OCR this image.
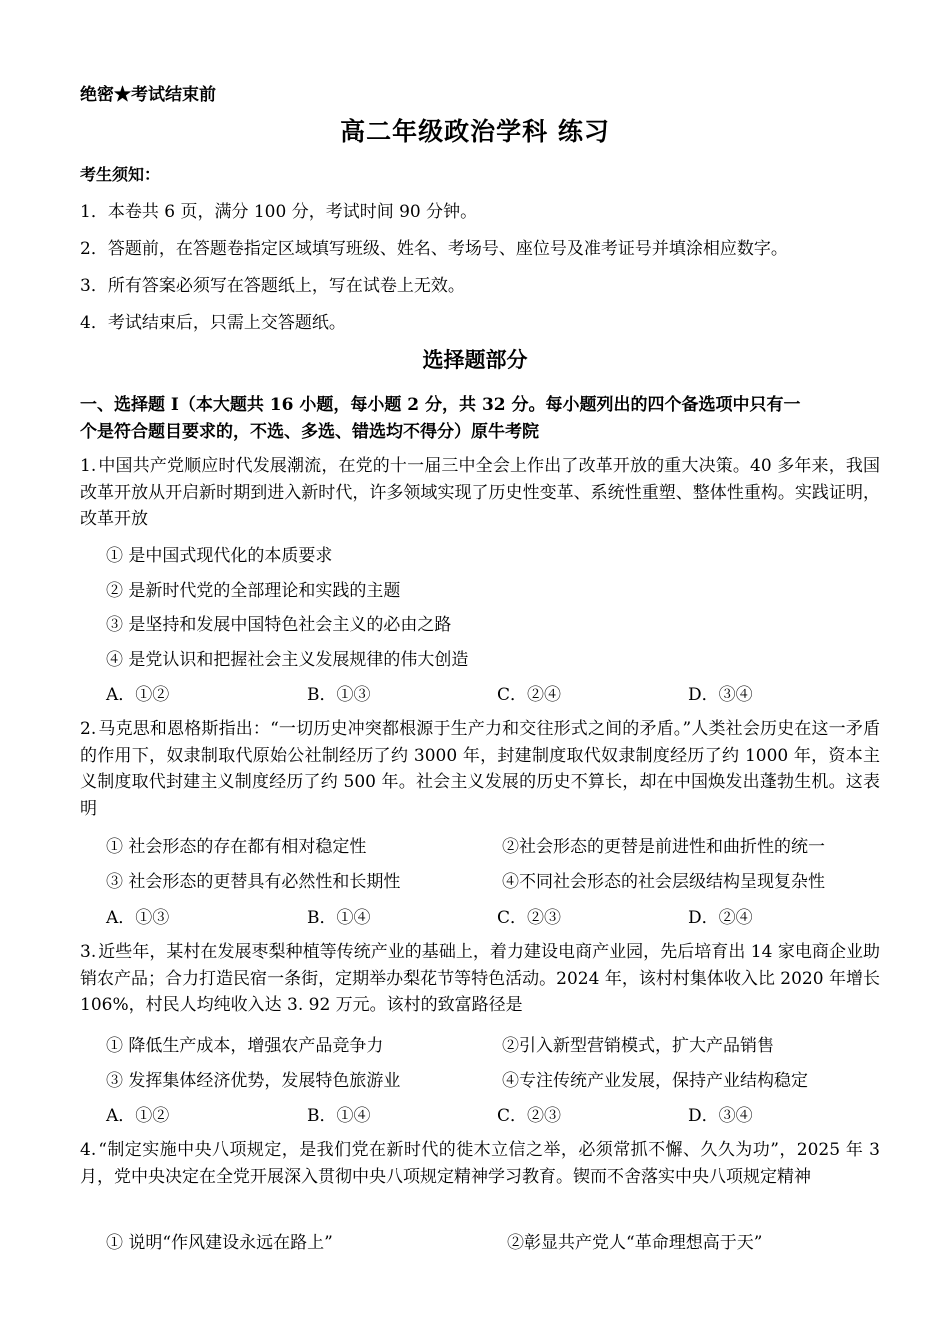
绝密★考试结束前
高二年级政治学科 练习
考生须知：
1．本卷共 6 页，满分 100 分，考试时间 90 分钟。
2．答题前，在答题卷指定区域填写班级、姓名、考场号、座位号及准考证号并填涂相应数字。
3．所有答案必须写在答题纸上，写在试卷上无效。
4．考试结束后，只需上交答题纸。
选择题部分
一、选择题 I（本大题共 16 小题，每小题 2 分，共 32 分。每小题列出的四个备选项中只有一
个是符合题目要求的，不选、多选、错选均不得分）原牛考院
1. 中国共产党顺应时代发展潮流，在党的十一届三中全会上作出了改革开放的重大决策。40 多年来，我国改革开放从开启新时期到进入新时代，许多领域实现了历史性变革、系统性重塑、整体性重构。实践证明，改革开放
① 是中国式现代化的本质要求
② 是新时代党的全部理论和实践的主题
③ 是坚持和发展中国特色社会主义的必由之路
④ 是党认识和把握社会主义发展规律的伟大创造
A．①②	B．①③	C．②④	D．③④
2. 马克思和恩格斯指出：“一切历史冲突都根源于生产力和交往形式之间的矛盾。”人类社会历史在这一矛盾的作用下，奴隶制取代原始公社制经历了约 3000 年，封建制度取代奴隶制度经历了约 1000 年，资本主义制度取代封建主义制度经历了约 500 年。社会主义发展的历史不算长，却在中国焕发出蓬勃生机。这表明
① 社会形态的存在都有相对稳定性	②社会形态的更替是前进性和曲折性的统一
③ 社会形态的更替具有必然性和长期性	④不同社会形态的社会层级结构呈现复杂性
A．①③	B．①④	C．②③	D．②④
3. 近些年，某村在发展枣梨种植等传统产业的基础上，着力建设电商产业园，先后培育出 14 家电商企业助销农产品；合力打造民宿一条街，定期举办梨花节等特色活动。2024 年，该村村集体收入比 2020 年增长 106%，村民人均纯收入达 3. 92 万元。该村的致富路径是
① 降低生产成本，增强农产品竞争力	②引入新型营销模式，扩大产品销售
③ 发挥集体经济优势，发展特色旅游业	④专注传统产业发展，保持产业结构稳定
A．①②	B．①④	C．②③	D．③④
4. “制定实施中央八项规定，是我们党在新时代的徙木立信之举，必须常抓不懈、久久为功”，2025 年 3 月，党中央决定在全党开展深入贯彻中央八项规定精神学习教育。锲而不舍落实中央八项规定精神
① 说明“作风建设永远在路上”	②彰显共产党人“革命理想高于天”
